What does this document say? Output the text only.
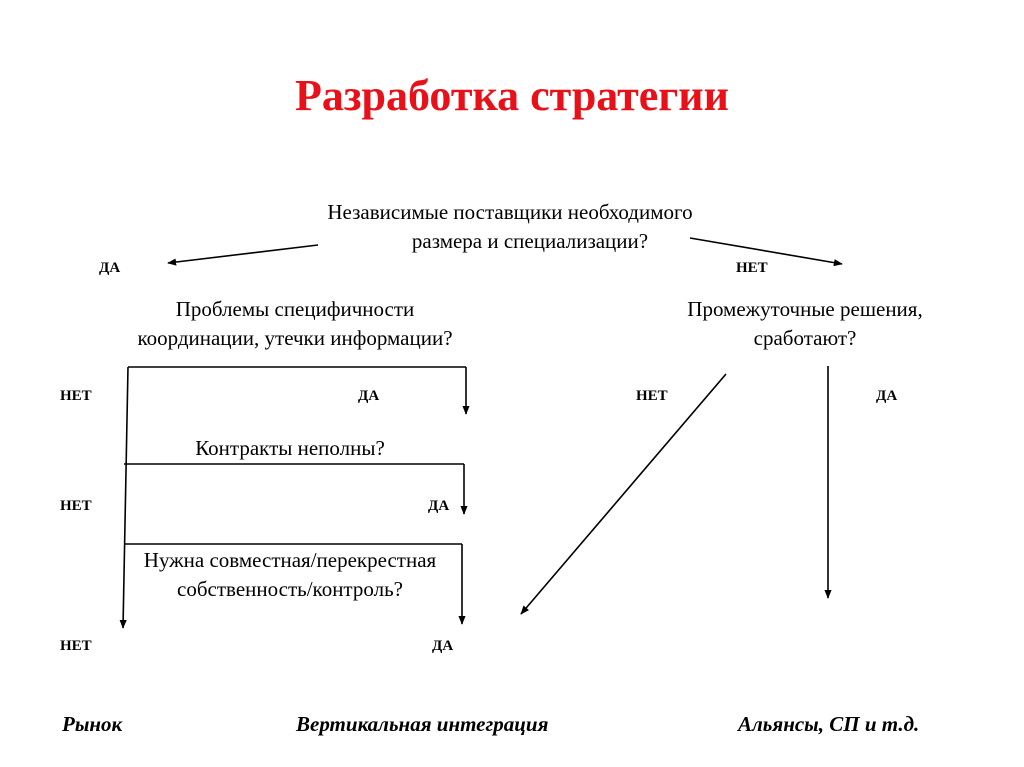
Разработка стратегии
Независимые поставщики необходимого
размера и специализации?
ДА	НЕТ
Проблемы специфичности
координации, утечки информации?
Промежуточные решения,
сработают?
НЕТ	ДА	НЕТ	ДА
Контракты неполны?
НЕТ	ДА
Нужна совместная/перекрестная
собственность/контроль?
НЕТ	ДА
Рынок	Вертикальная интеграция	Альянсы, СП и т.д.
